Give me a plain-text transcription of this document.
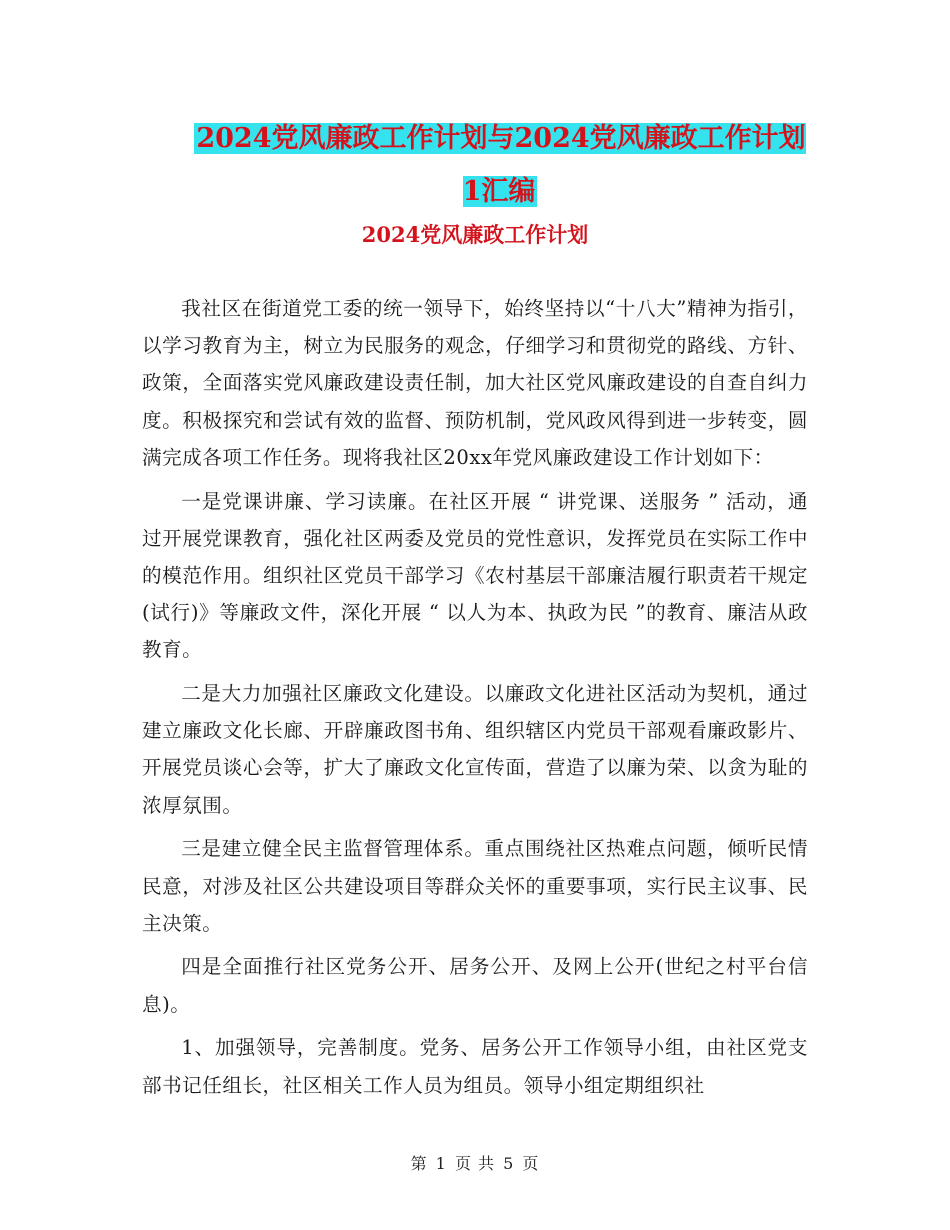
2024党风廉政工作计划与2024党风廉政工作计划1汇编
2024党风廉政工作计划

我社区在街道党工委的统一领导下，始终坚持以“十八大”精神为指引，以学习教育为主，树立为民服务的观念，仔细学习和贯彻党的路线、方针、政策，全面落实党风廉政建设责任制，加大社区党风廉政建设的自查自纠力度。积极探究和尝试有效的监督、预防机制，党风政风得到进一步转变，圆满完成各项工作任务。现将我社区20xx年党风廉政建设工作计划如下：

一是党课讲廉、学习读廉。在社区开展 “ 讲党课、送服务 ” 活动，通过开展党课教育，强化社区两委及党员的党性意识，发挥党员在实际工作中的模范作用。组织社区党员干部学习《农村基层干部廉洁履行职责若干规定(试行)》等廉政文件，深化开展 “ 以人为本、执政为民 ”的教育、廉洁从政教育。

二是大力加强社区廉政文化建设。以廉政文化进社区活动为契机，通过建立廉政文化长廊、开辟廉政图书角、组织辖区内党员干部观看廉政影片、开展党员谈心会等，扩大了廉政文化宣传面，营造了以廉为荣、以贪为耻的浓厚氛围。

三是建立健全民主监督管理体系。重点围绕社区热难点问题，倾听民情民意，对涉及社区公共建设项目等群众关怀的重要事项，实行民主议事、民主决策。

四是全面推行社区党务公开、居务公开、及网上公开(世纪之村平台信息)。

1、加强领导，完善制度。党务、居务公开工作领导小组，由社区党支部书记任组长，社区相关工作人员为组员。领导小组定期组织社

第 1 页 共 5 页
